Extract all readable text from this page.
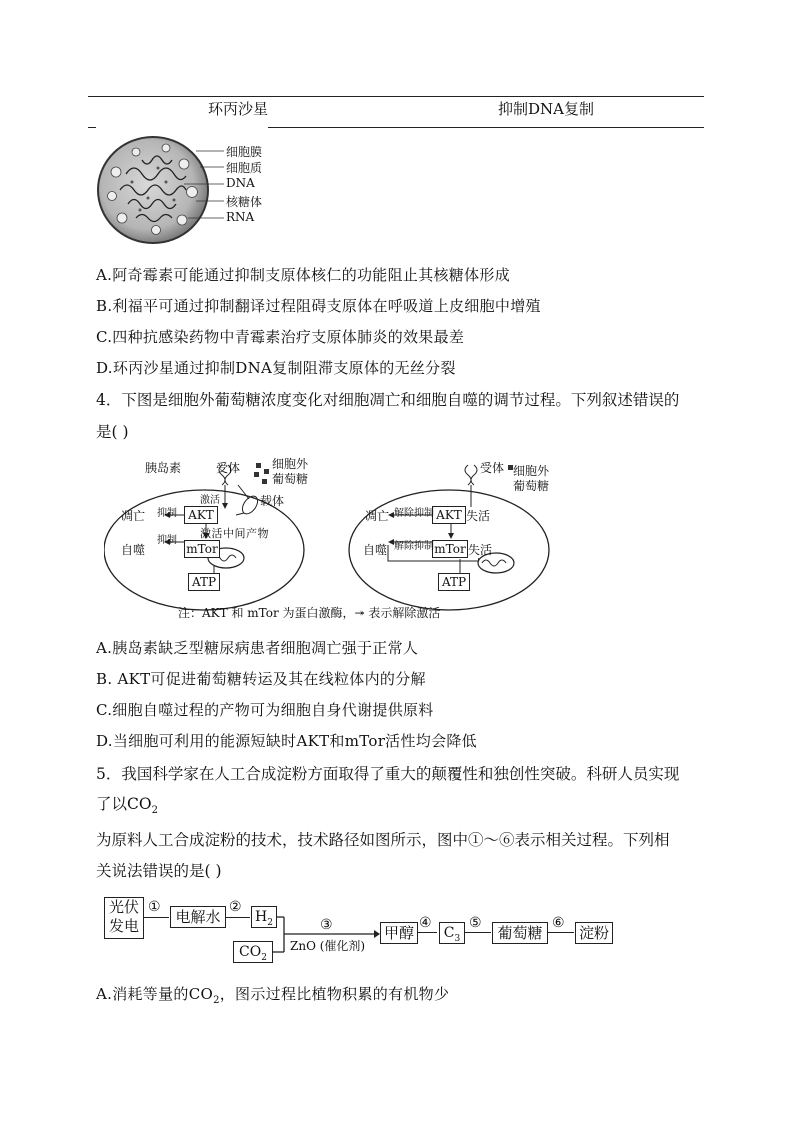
环丙沙星	抑制DNA复制
细胞膜
细胞质
DNA
核糖体
RNA
A.阿奇霉素可能通过抑制支原体核仁的功能阻止其核糖体形成
B.利福平可通过抑制翻译过程阻碍支原体在呼吸道上皮细胞中增殖
C.四种抗感染药物中青霉素治疗支原体肺炎的效果最差
D.环丙沙星通过抑制DNA复制阻滞支原体的无丝分裂
4．下图是细胞外葡萄糖浓度变化对细胞凋亡和细胞自噬的调节过程。下列叙述错误的
是( )
AKT
mTor
ATP
胰岛素	受体	细胞外
葡萄糖
载体
激活
凋亡
自噬
抑制
抑制
激活中间产物
AKT
mTor
ATP
受体 细胞外
葡萄糖
失活
失活
凋亡
自噬
解除抑制
解除抑制
注：AKT 和 mTor 为蛋白激酶，↠ 表示解除激活
A.胰岛素缺乏型糖尿病患者细胞凋亡强于正常人
B. AKT可促进葡萄糖转运及其在线粒体内的分解
C.细胞自噬过程的产物可为细胞自身代谢提供原料
D.当细胞可利用的能源短缺时AKT和mTor活性均会降低
5．我国科学家在人工合成淀粉方面取得了重大的颠覆性和独创性突破。科研人员实现
了以$CO_2$
为原料人工合成淀粉的技术，技术路径如图所示，图中①～⑥表示相关过程。下列相
关说法错误的是( )
光伏
发电
①
电解水
②
$H_2$
$CO_2$
③
ZnO (催化剂)
甲醇
④
$C_3$
⑤
葡萄糖
⑥
淀粉
A.消耗等量的$CO_2$，图示过程比植物积累的有机物少
